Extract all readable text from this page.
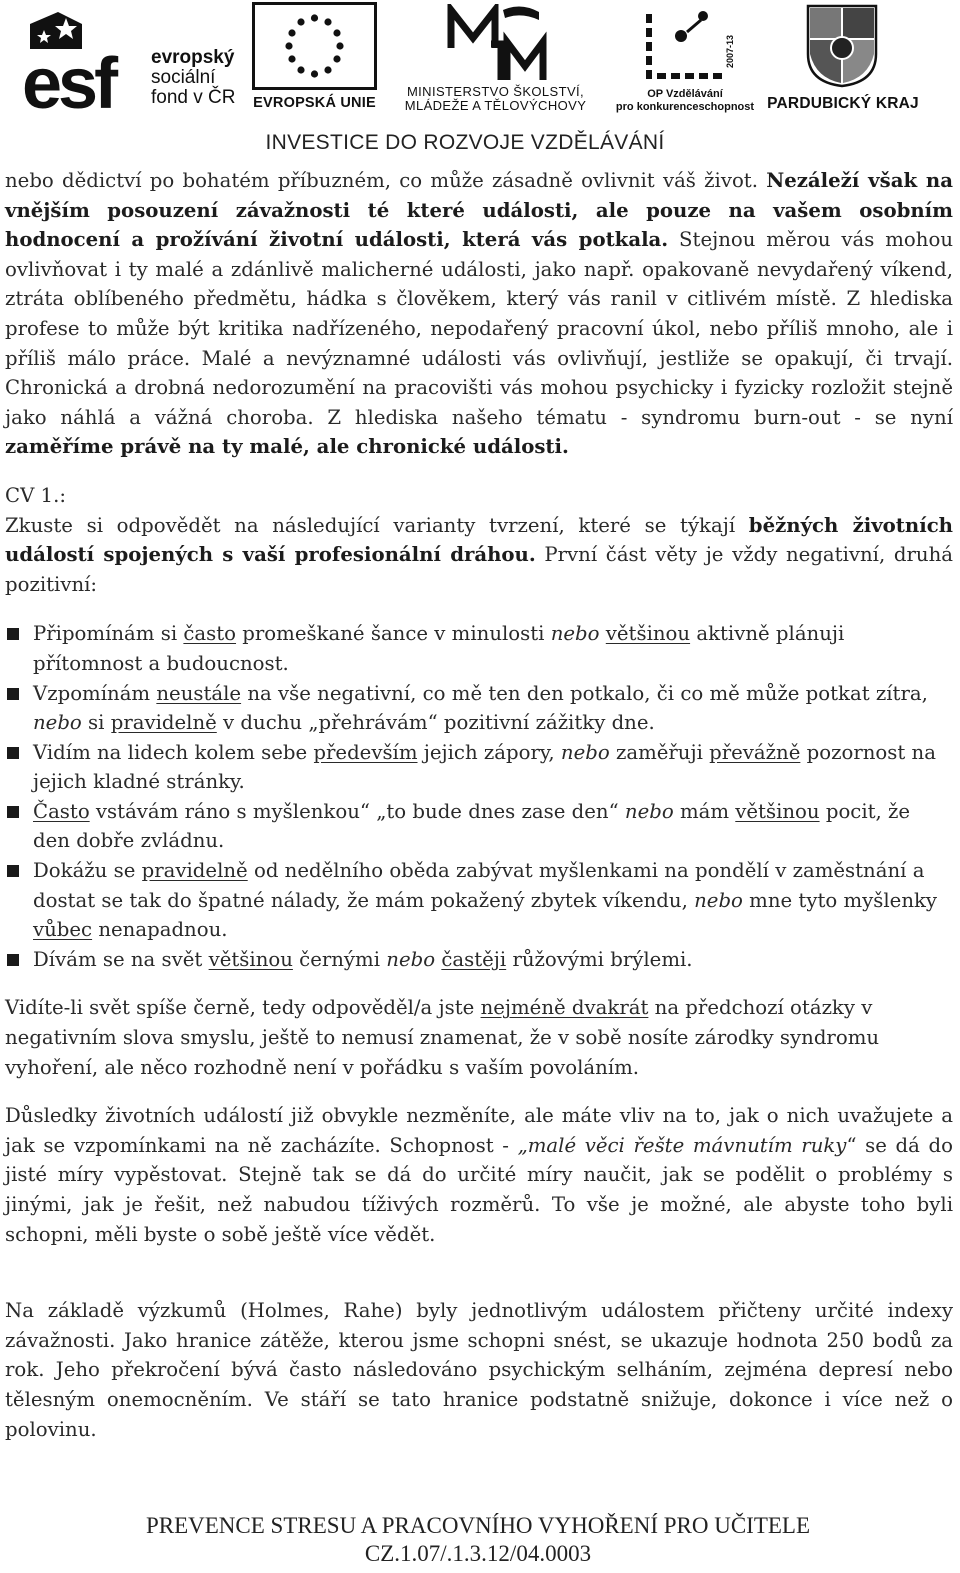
esf evropský
sociální
fond v ČR EVROPSKÁ UNIE
MINISTERSTVO ŠKOLSTVÍ,
MLÁDEŽE A TĚLOVÝCHOVY
2007-13
OP Vzdělávání
pro konkurenceschopnost PARDUBICKÝ KRAJ
INVESTICE DO ROZVOJE VZDĚLÁVÁNÍ

nebo dědictví po bohatém příbuzném, co může zásadně ovlivnit váš život. Nezáleží však na vnějším posouzení závažnosti té které události, ale pouze na vašem osobním hodnocení a prožívání životní události, která vás potkala. Stejnou měrou vás mohou ovlivňovat i ty malé a zdánlivě malicherné události, jako např. opakovaně nevydařený víkend, ztráta oblíbeného předmětu, hádka s člověkem, který vás ranil v citlivém místě. Z hlediska profese to může být kritika nadřízeného, nepodařený pracovní úkol, nebo příliš mnoho, ale i příliš málo práce. Malé a nevýznamné události vás ovlivňují, jestliže se opakují, či trvají. Chronická a drobná nedorozumění na pracovišti vás mohou psychicky i fyzicky rozložit stejně jako náhlá a vážná choroba. Z hlediska našeho tématu - syndromu burn-out - se nyní zaměříme právě na ty malé, ale chronické události.

CV 1.:

Zkuste si odpovědět na následující varianty tvrzení, které se týkají běžných životních událostí spojených s vaší profesionální dráhou. První část věty je vždy negativní, druhá pozitivní:

Připomínám si často promeškané šance v minulosti nebo většinou aktivně plánuji přítomnost a budoucnost.
Vzpomínám neustále na vše negativní, co mě ten den potkalo, či co mě může potkat zítra, nebo si pravidelně v duchu „přehrávám“ pozitivní zážitky dne.
Vidím na lidech kolem sebe především jejich zápory, nebo zaměřuji převážně pozornost na jejich kladné stránky.
Často vstávám ráno s myšlenkou“ „to bude dnes zase den“ nebo mám většinou pocit, že den dobře zvládnu.
Dokážu se pravidelně od nedělního oběda zabývat myšlenkami na pondělí v zaměstnání a dostat se tak do špatné nálady, že mám pokažený zbytek víkendu, nebo mne tyto myšlenky vůbec nenapadnou.
Dívám se na svět většinou černými nebo častěji růžovými brýlemi.

Vidíte-li svět spíše černě, tedy odpověděl/a jste nejméně dvakrát na předchozí otázky v negativním slova smyslu, ještě to nemusí znamenat, že v sobě nosíte zárodky syndromu vyhoření, ale něco rozhodně není v pořádku s vaším povoláním.

Důsledky životních událostí již obvykle nezměníte, ale máte vliv na to, jak o nich uvažujete a jak se vzpomínkami na ně zacházíte. Schopnost - „malé věci řešte mávnutím ruky“ se dá do jisté míry vypěstovat. Stejně tak se dá do určité míry naučit, jak se podělit o problémy s jinými, jak je řešit, než nabudou tíživých rozměrů. To vše je možné, ale abyste toho byli schopni, měli byste o sobě ještě více vědět.

Na základě výzkumů (Holmes, Rahe) byly jednotlivým událostem přičteny určité indexy závažnosti. Jako hranice zátěže, kterou jsme schopni snést, se ukazuje hodnota 250 bodů za rok. Jeho překročení bývá často následováno psychickým selháním, zejména depresí nebo tělesným onemocněním. Ve stáří se tato hranice podstatně snižuje, dokonce i více než o polovinu.

PREVENCE STRESU A PRACOVNÍHO VYHOŘENÍ PRO UČITELE
CZ.1.07/.1.3.12/04.0003
